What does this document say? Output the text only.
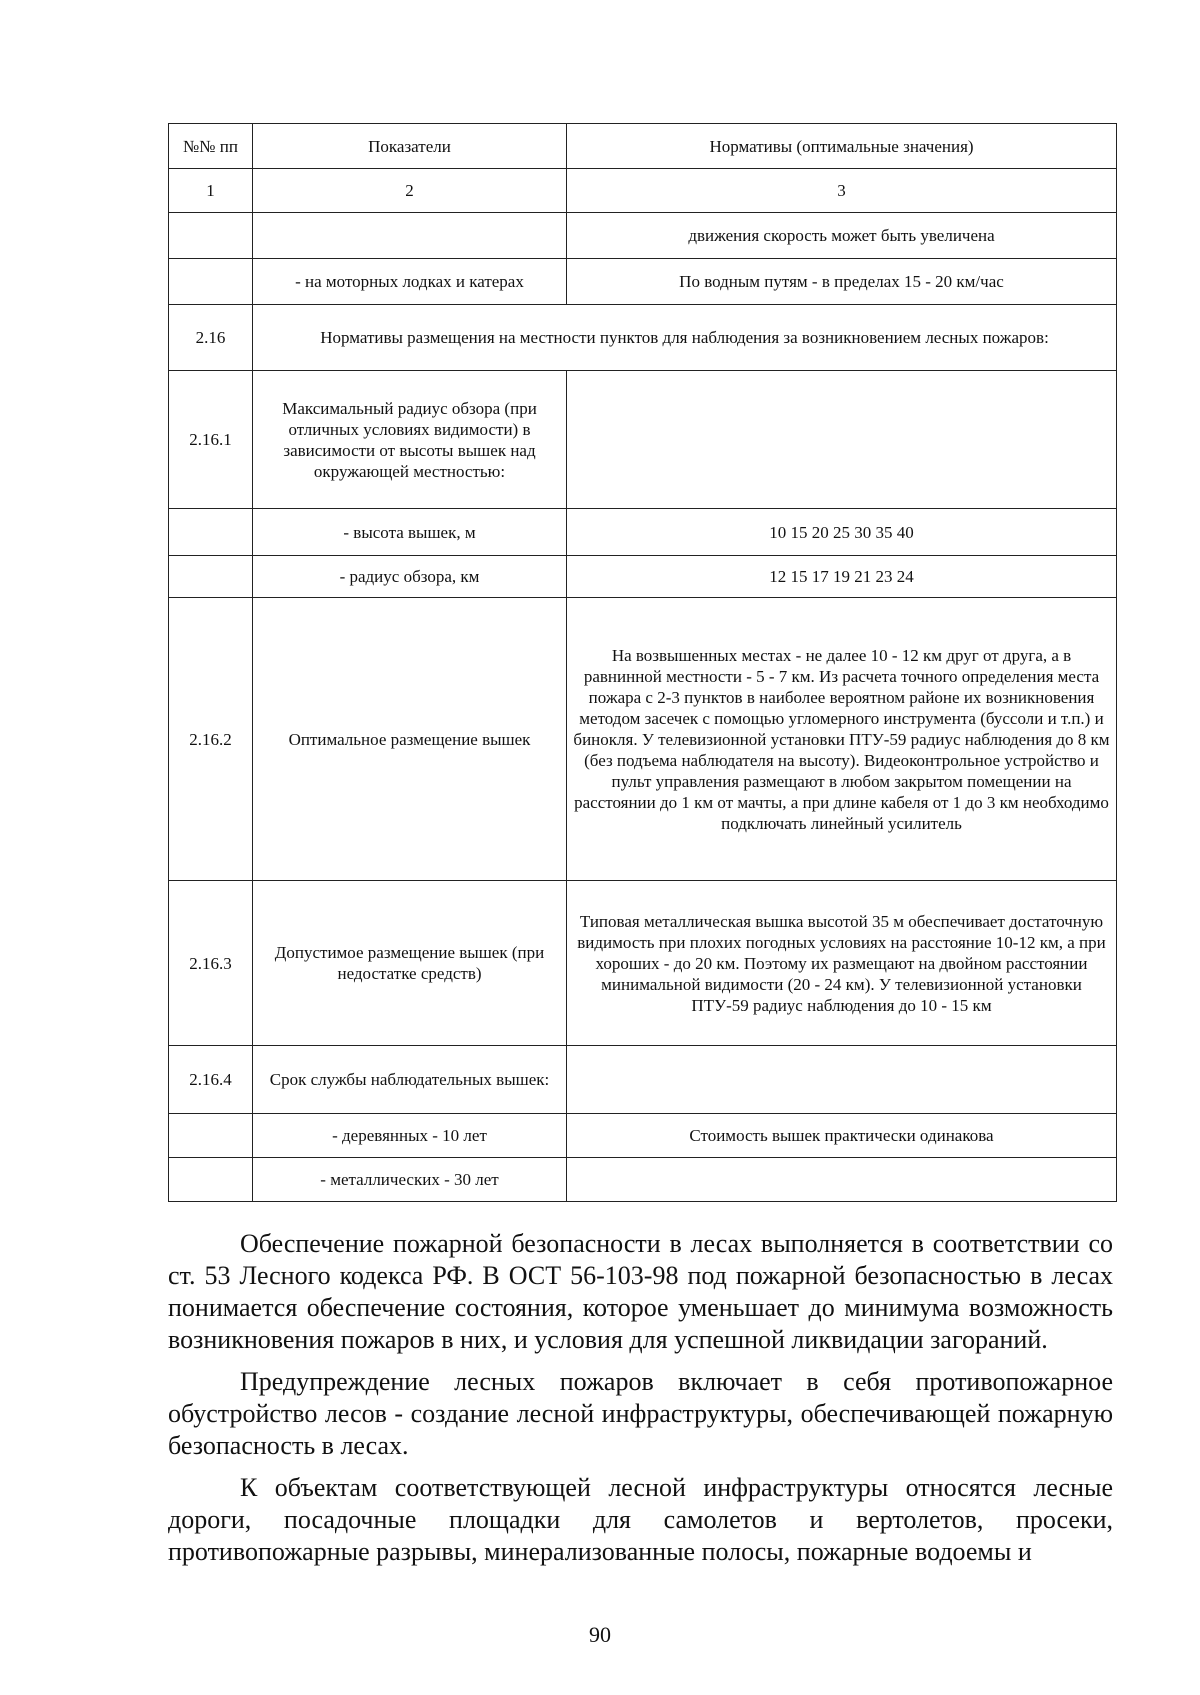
№№ пп	Показатели	Нормативы (оптимальные значения)
1	2	3
		движения скорость может быть увеличена
	- на моторных лодках и катерах	По водным путям - в пределах 15 - 20 км/час
2.16	Нормативы размещения на местности пунктов для наблюдения за возникновением лесных пожаров:	
2.16.1	Максимальный радиус обзора (при отличных условиях видимости) в зависимости от высоты вышек над окружающей местностью:	
	- высота вышек, м	10 15 20 25 30 35 40
	- радиус обзора, км	12 15 17 19 21 23 24
2.16.2	Оптимальное размещение вышек	На возвышенных местах - не далее 10 - 12 км друг от друга, а в равнинной местности - 5 - 7 км. Из расчета точного определения места пожара с 2-3 пунктов в наиболее вероятном районе их возникновения методом засечек с помощью угломерного инструмента (буссоли и т.п.) и бинокля. У телевизионной установки ПТУ-59 радиус наблюдения до 8 км (без подъема наблюдателя на высоту). Видеоконтрольное устройство и пульт управления размещают в любом закрытом помещении на расстоянии до 1 км от мачты, а при длине кабеля от 1 до 3 км необходимо подключать линейный усилитель
2.16.3	Допустимое размещение вышек (при недостатке средств)	Типовая металлическая вышка высотой 35 м обеспечивает достаточную видимость при плохих погодных условиях на расстояние 10-12 км, а при хороших - до 20 км. Поэтому их размещают на двойном расстоянии минимальной видимости (20 - 24 км). У телевизионной установки ПТУ-59 радиус наблюдения до 10 - 15 км
2.16.4	Срок службы наблюдательных вышек:	
	- деревянных - 10 лет	Стоимость вышек практически одинакова
	- металлических - 30 лет	

Обеспечение пожарной безопасности в лесах выполняется в соответствии со ст. 53 Лесного кодекса РФ. В ОСТ 56-103-98 под пожарной безопасностью в лесах понимается обеспечение состояния, которое уменьшает до минимума возможность возникновения пожаров в них, и условия для успешной ликвидации загораний.

Предупреждение лесных пожаров включает в себя противопожарное обустройство лесов - создание лесной инфраструктуры, обеспечивающей пожарную безопасность в лесах.

К объектам соответствующей лесной инфраструктуры относятся лесные дороги, посадочные площадки для самолетов и вертолетов, просеки, противопожарные разрывы, минерализованные полосы, пожарные водоемы и

90
